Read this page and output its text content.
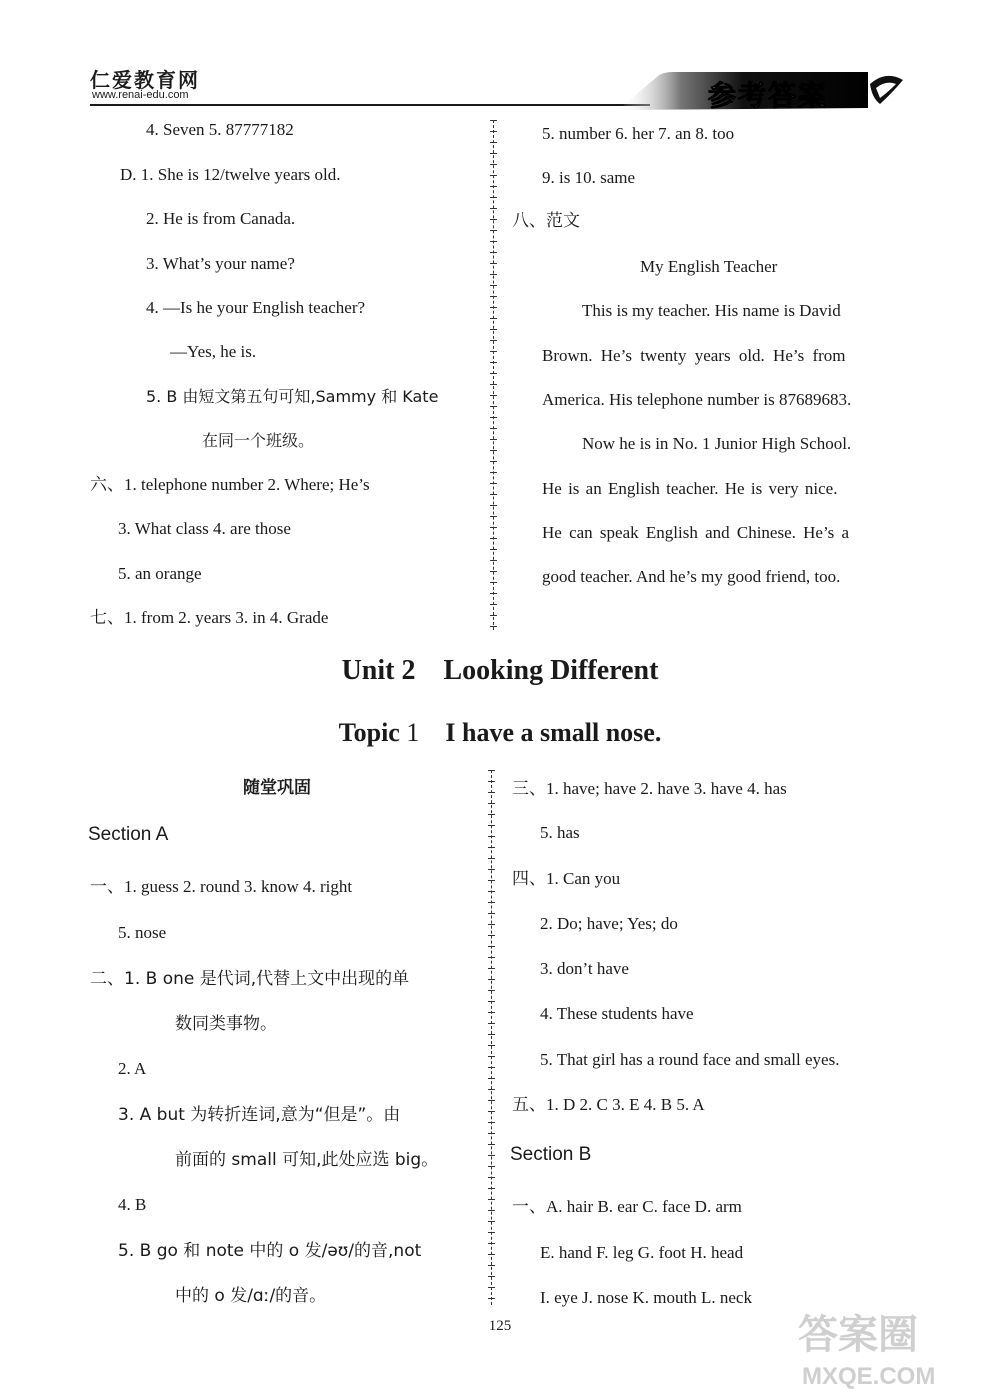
仁爱教育网
www.renai-edu.com	参考答案
4. Seven 5. 87777182
D. 1. She is 12/twelve years old.
2. He is from Canada.
3. What’s your name?
4. —Is he your English teacher?
—Yes, he is.
5. B 由短文第五句可知,Sammy 和 Kate
在同一个班级。
六、1. telephone number 2. Where; He’s
3. What class 4. are those
5. an orange
七、1. from 2. years 3. in 4. Grade
5. number 6. her 7. an 8. too
9. is 10. same
八、范文
My English Teacher
This is my teacher. His name is David
Brown. He’s twenty years old. He’s from
America. His telephone number is 87689683.
Now he is in No. 1 Junior High School.
He is an English teacher. He is very nice.
He can speak English and Chinese. He’s a
good teacher. And he’s my good friend, too.
Unit 2    Looking Different
Topic 1 I have a small nose.
随堂巩固
Section A
一、1. guess 2. round 3. know 4. right
5. nose
二、1. B one 是代词,代替上文中出现的单
数同类事物。
2. A
3. A but 为转折连词,意为“但是”。由
前面的 small 可知,此处应选 big。
4. B
5. B go 和 note 中的 o 发/əʊ/的音,not
中的 o 发/ɑː/的音。
三、1. have; have 2. have 3. have 4. has
5. has
四、1. Can you
2. Do; have; Yes; do
3. don’t have
4. These students have
5. That girl has a round face and small eyes.
五、1. D 2. C 3. E 4. B 5. A
Section B
一、A. hair B. ear C. face D. arm
E. hand F. leg G. foot H. head
I. eye J. nose K. mouth L. neck
125	答案圈
MXQE.COM
